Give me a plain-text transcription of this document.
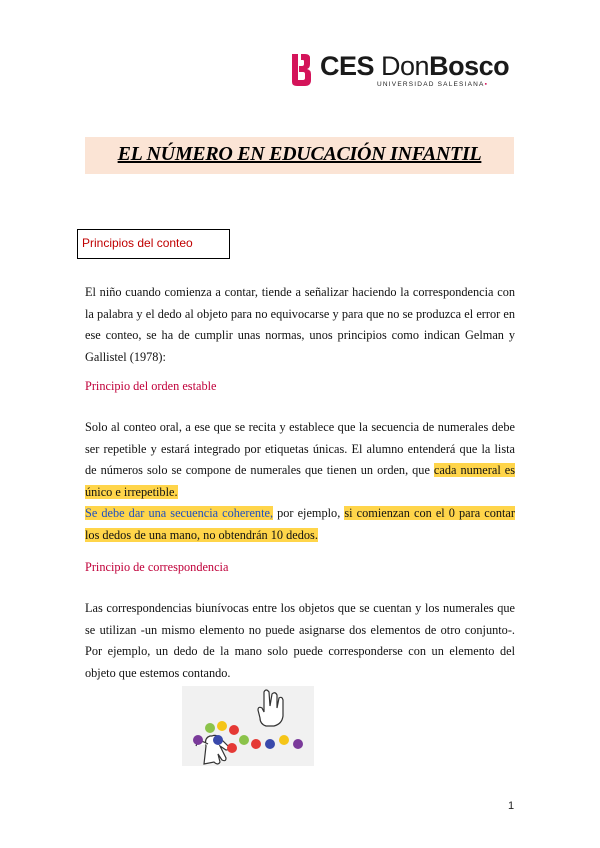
CES DonBosco
UNIVERSIDAD SALESIANA▪
EL NÚMERO EN EDUCACIÓN INFANTIL
Principios del conteo
El niño cuando comienza a contar, tiende a señalizar haciendo la correspondencia con la palabra y el dedo al objeto para no equivocarse y para que no se produzca el error en ese conteo, se ha de cumplir unas normas, unos principios como indican Gelman y Gallistel (1978):
Principio del orden estable
Solo al conteo oral, a ese que se recita y establece que la secuencia de numerales debe ser repetible y estará integrado por etiquetas únicas. El alumno entenderá que la lista de números solo se compone de numerales que tienen un orden, que cada numeral es único e irrepetible.
Se debe dar una secuencia coherente, por ejemplo, si comienzan con el 0 para contar los dedos de una mano, no obtendrán 10 dedos.
Principio de correspondencia
Las correspondencias biunívocas entre los objetos que se cuentan y los numerales que se utilizan -un mismo elemento no puede asignarse dos elementos de otro conjunto-. Por ejemplo, un dedo de la mano solo puede corresponderse con un elemento del objeto que estemos contando.
1
